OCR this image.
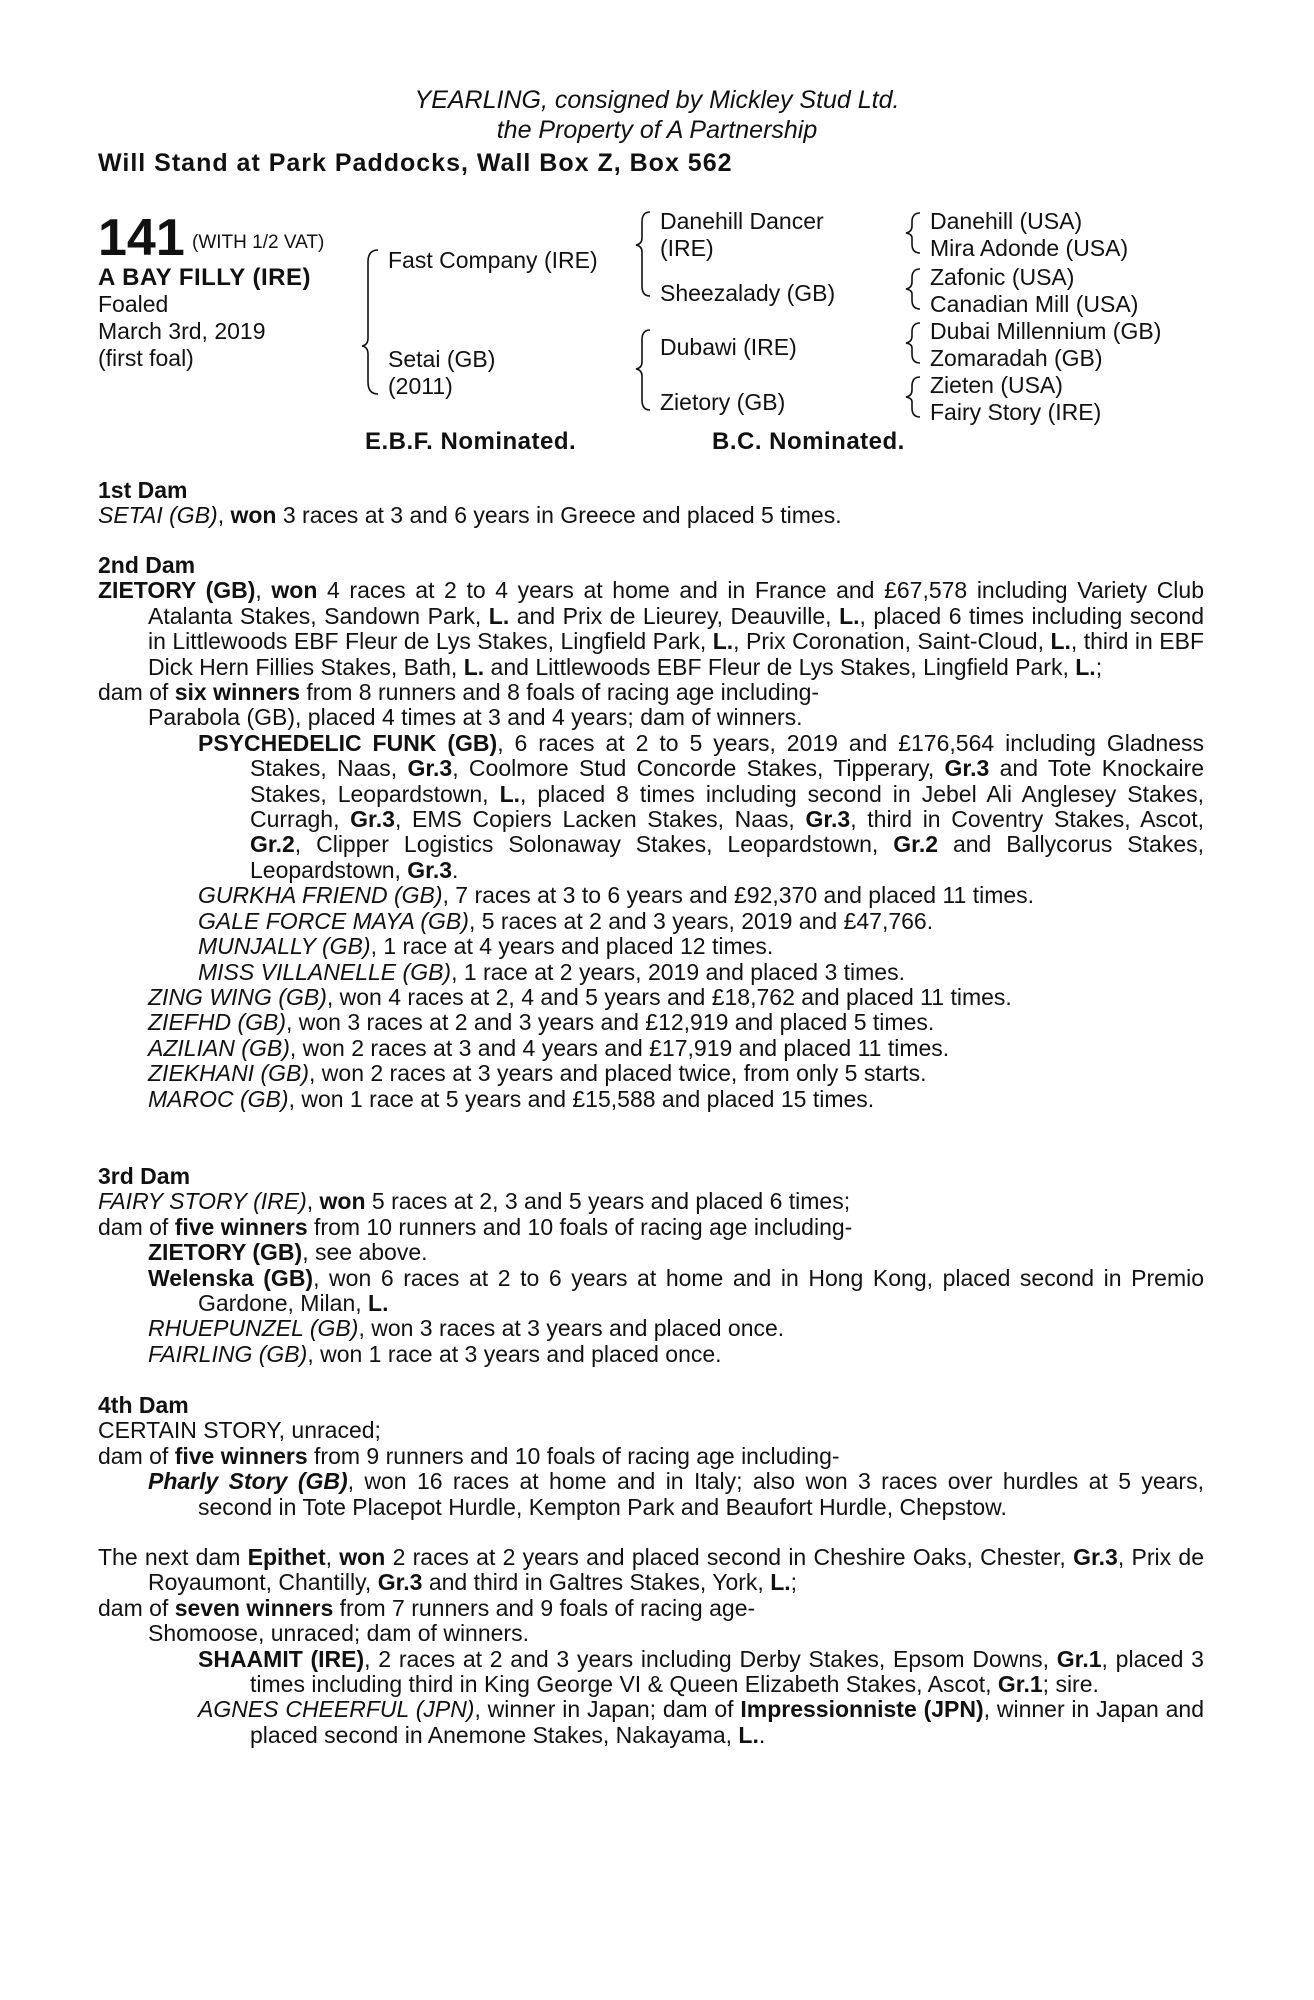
YEARLING, consigned by Mickley Stud Ltd.
the Property of A Partnership
Will Stand at Park Paddocks, Wall Box Z, Box 562
141 (WITH 1/2 VAT)
A BAY FILLY (IRE)
Foaled
March 3rd, 2019
(first foal)
Fast Company (IRE)
Setai (GB)
(2011)
Danehill Dancer
(IRE)
Sheezalady (GB)
Dubawi (IRE)
Zietory (GB)
Danehill (USA)
Mira Adonde (USA)
Zafonic (USA)
Canadian Mill (USA)
Dubai Millennium (GB)
Zomaradah (GB)
Zieten (USA)
Fairy Story (IRE)
E.B.F. Nominated.	B.C. Nominated.
1st Dam
SETAI (GB), won 3 races at 3 and 6 years in Greece and placed 5 times.
2nd Dam
ZIETORY (GB), won 4 races at 2 to 4 years at home and in France and £67,578 including Variety Club Atalanta Stakes, Sandown Park, L. and Prix de Lieurey, Deauville, L., placed 6 times including second in Littlewoods EBF Fleur de Lys Stakes, Lingfield Park, L., Prix Coronation, Saint-Cloud, L., third in EBF Dick Hern Fillies Stakes, Bath, L. and Littlewoods EBF Fleur de Lys Stakes, Lingfield Park, L.;
dam of six winners from 8 runners and 8 foals of racing age including-
Parabola (GB), placed 4 times at 3 and 4 years; dam of winners.
PSYCHEDELIC FUNK (GB), 6 races at 2 to 5 years, 2019 and £176,564 including Gladness Stakes, Naas, Gr.3, Coolmore Stud Concorde Stakes, Tipperary, Gr.3 and Tote Knockaire Stakes, Leopardstown, L., placed 8 times including second in Jebel Ali Anglesey Stakes, Curragh, Gr.3, EMS Copiers Lacken Stakes, Naas, Gr.3, third in Coventry Stakes, Ascot, Gr.2, Clipper Logistics Solonaway Stakes, Leopardstown, Gr.2 and Ballycorus Stakes, Leopardstown, Gr.3.
GURKHA FRIEND (GB), 7 races at 3 to 6 years and £92,370 and placed 11 times.
GALE FORCE MAYA (GB), 5 races at 2 and 3 years, 2019 and £47,766.
MUNJALLY (GB), 1 race at 4 years and placed 12 times.
MISS VILLANELLE (GB), 1 race at 2 years, 2019 and placed 3 times.
ZING WING (GB), won 4 races at 2, 4 and 5 years and £18,762 and placed 11 times.
ZIEFHD (GB), won 3 races at 2 and 3 years and £12,919 and placed 5 times.
AZILIAN (GB), won 2 races at 3 and 4 years and £17,919 and placed 11 times.
ZIEKHANI (GB), won 2 races at 3 years and placed twice, from only 5 starts.
MAROC (GB), won 1 race at 5 years and £15,588 and placed 15 times.
3rd Dam
FAIRY STORY (IRE), won 5 races at 2, 3 and 5 years and placed 6 times;
dam of five winners from 10 runners and 10 foals of racing age including-
ZIETORY (GB), see above.
Welenska (GB), won 6 races at 2 to 6 years at home and in Hong Kong, placed second in Premio Gardone, Milan, L.
RHUEPUNZEL (GB), won 3 races at 3 years and placed once.
FAIRLING (GB), won 1 race at 3 years and placed once.
4th Dam
CERTAIN STORY, unraced;
dam of five winners from 9 runners and 10 foals of racing age including-
Pharly Story (GB), won 16 races at home and in Italy; also won 3 races over hurdles at 5 years, second in Tote Placepot Hurdle, Kempton Park and Beaufort Hurdle, Chepstow.
The next dam Epithet, won 2 races at 2 years and placed second in Cheshire Oaks, Chester, Gr.3, Prix de Royaumont, Chantilly, Gr.3 and third in Galtres Stakes, York, L.;
dam of seven winners from 7 runners and 9 foals of racing age-
Shomoose, unraced; dam of winners.
SHAAMIT (IRE), 2 races at 2 and 3 years including Derby Stakes, Epsom Downs, Gr.1, placed 3 times including third in King George VI & Queen Elizabeth Stakes, Ascot, Gr.1; sire.
AGNES CHEERFUL (JPN), winner in Japan; dam of Impressionniste (JPN), winner in Japan and placed second in Anemone Stakes, Nakayama, L..
